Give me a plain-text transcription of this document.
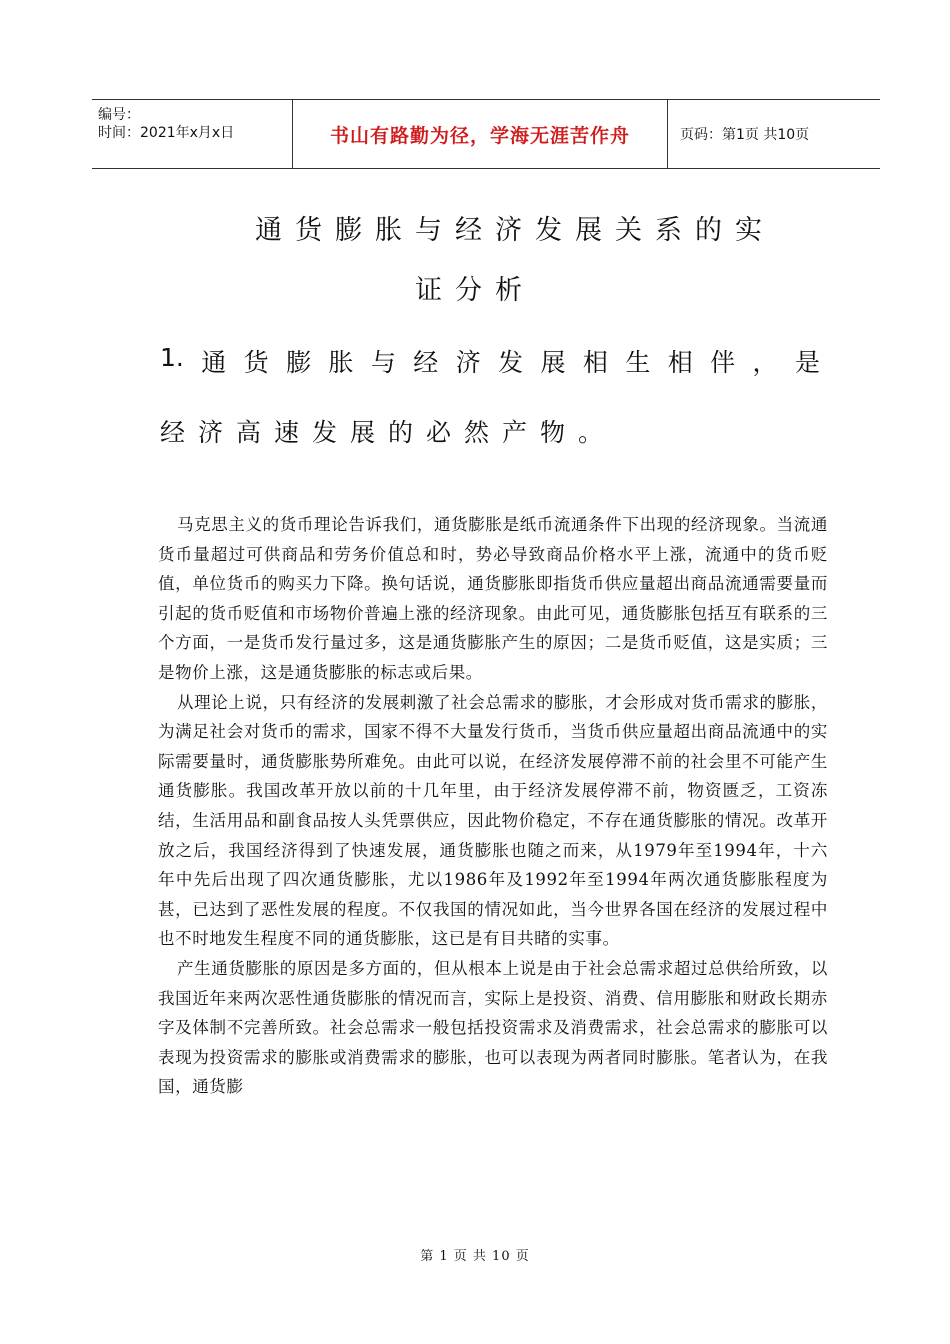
编号：
时间：2021年x月x日	书山有路勤为径，学海无涯苦作舟	页码：第1页 共10页
通货膨胀与经济发展关系的实
证分析
1. 通 货 膨 胀 与 经 济 发 展 相 生 相 伴 ， 是
经济高速发展的必然产物。

马克思主义的货币理论告诉我们，通货膨胀是纸币流通条件下出现的经济现象。当流通货币量超过可供商品和劳务价值总和时，势必导致商品价格水平上涨，流通中的货币贬值，单位货币的购买力下降。换句话说，通货膨胀即指货币供应量超出商品流通需要量而引起的货币贬值和市场物价普遍上涨的经济现象。由此可见，通货膨胀包括互有联系的三个方面，一是货币发行量过多，这是通货膨胀产生的原因；二是货币贬值，这是实质；三是物价上涨，这是通货膨胀的标志或后果。

从理论上说，只有经济的发展刺激了社会总需求的膨胀，才会形成对货币需求的膨胀，为满足社会对货币的需求，国家不得不大量发行货币，当货币供应量超出商品流通中的实际需要量时，通货膨胀势所难免。由此可以说，在经济发展停滞不前的社会里不可能产生通货膨胀。我国改革开放以前的十几年里，由于经济发展停滞不前，物资匮乏，工资冻结，生活用品和副食品按人头凭票供应，因此物价稳定，不存在通货膨胀的情况。改革开放之后，我国经济得到了快速发展，通货膨胀也随之而来，从1979年至1994年，十六年中先后出现了四次通货膨胀，尤以1986年及1992年至1994年两次通货膨胀程度为甚，已达到了恶性发展的程度。不仅我国的情况如此，当今世界各国在经济的发展过程中也不时地发生程度不同的通货膨胀，这已是有目共睹的实事。

产生通货膨胀的原因是多方面的，但从根本上说是由于社会总需求超过总供给所致，以我国近年来两次恶性通货膨胀的情况而言，实际上是投资、消费、信用膨胀和财政长期赤字及体制不完善所致。社会总需求一般包括投资需求及消费需求，社会总需求的膨胀可以表现为投资需求的膨胀或消费需求的膨胀，也可以表现为两者同时膨胀。笔者认为，在我国，通货膨

第 1 页 共 10 页
